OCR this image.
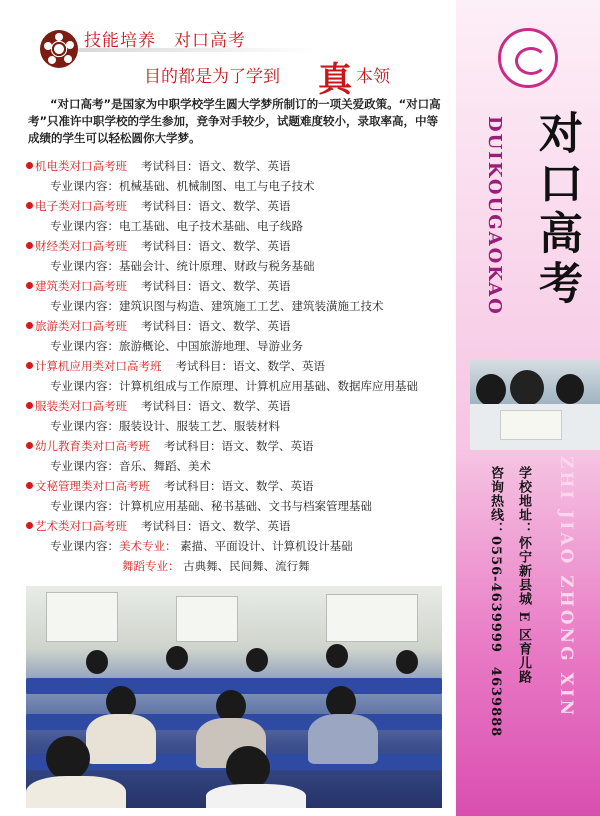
技能培养　对口高考
目的都是为了学到 真 本领
“对口高考”是国家为中职学校学生圆大学梦所制订的一项关爱政策。“对口高考”只准许中职学校的学生参加，竞争对手较少，试题难度较小，录取率高，中等成绩的学生可以轻松圆你大学梦。
机电类对口高考班 考试科目：语文、数学、英语
专业课内容：机械基础、机械制图、电工与电子技术
电子类对口高考班 考试科目：语文、数学、英语
专业课内容：电工基础、电子技术基础、电子线路
财经类对口高考班 考试科目：语文、数学、英语
专业课内容：基础会计、统计原理、财政与税务基础
建筑类对口高考班 考试科目：语文、数学、英语
专业课内容：建筑识图与构造、建筑施工工艺、建筑装潢施工技术
旅游类对口高考班 考试科目：语文、数学、英语
专业课内容：旅游概论、中国旅游地理、导游业务
计算机应用类对口高考班 考试科目：语文、数学、英语
专业课内容：计算机组成与工作原理、计算机应用基础、数据库应用基础
服装类对口高考班 考试科目：语文、数学、英语
专业课内容：服装设计、服装工艺、服装材料
幼儿教育类对口高考班 考试科目：语文、数学、英语
专业课内容：音乐、舞蹈、美术
文秘管理类对口高考班 考试科目：语文、数学、英语
专业课内容：计算机应用基础、秘书基础、文书与档案管理基础
艺术类对口高考班 考试科目：语文、数学、英语
专业课内容：美术专业： 素描、平面设计、计算机设计基础
舞蹈专业： 古典舞、民间舞、流行舞
DUIKOUGAOKAO 对口高考
ZHI JIAO ZHONG XIN
学校地址：怀宁新县城 E 区育儿路
咨询热线：0556-4639999　4639888
